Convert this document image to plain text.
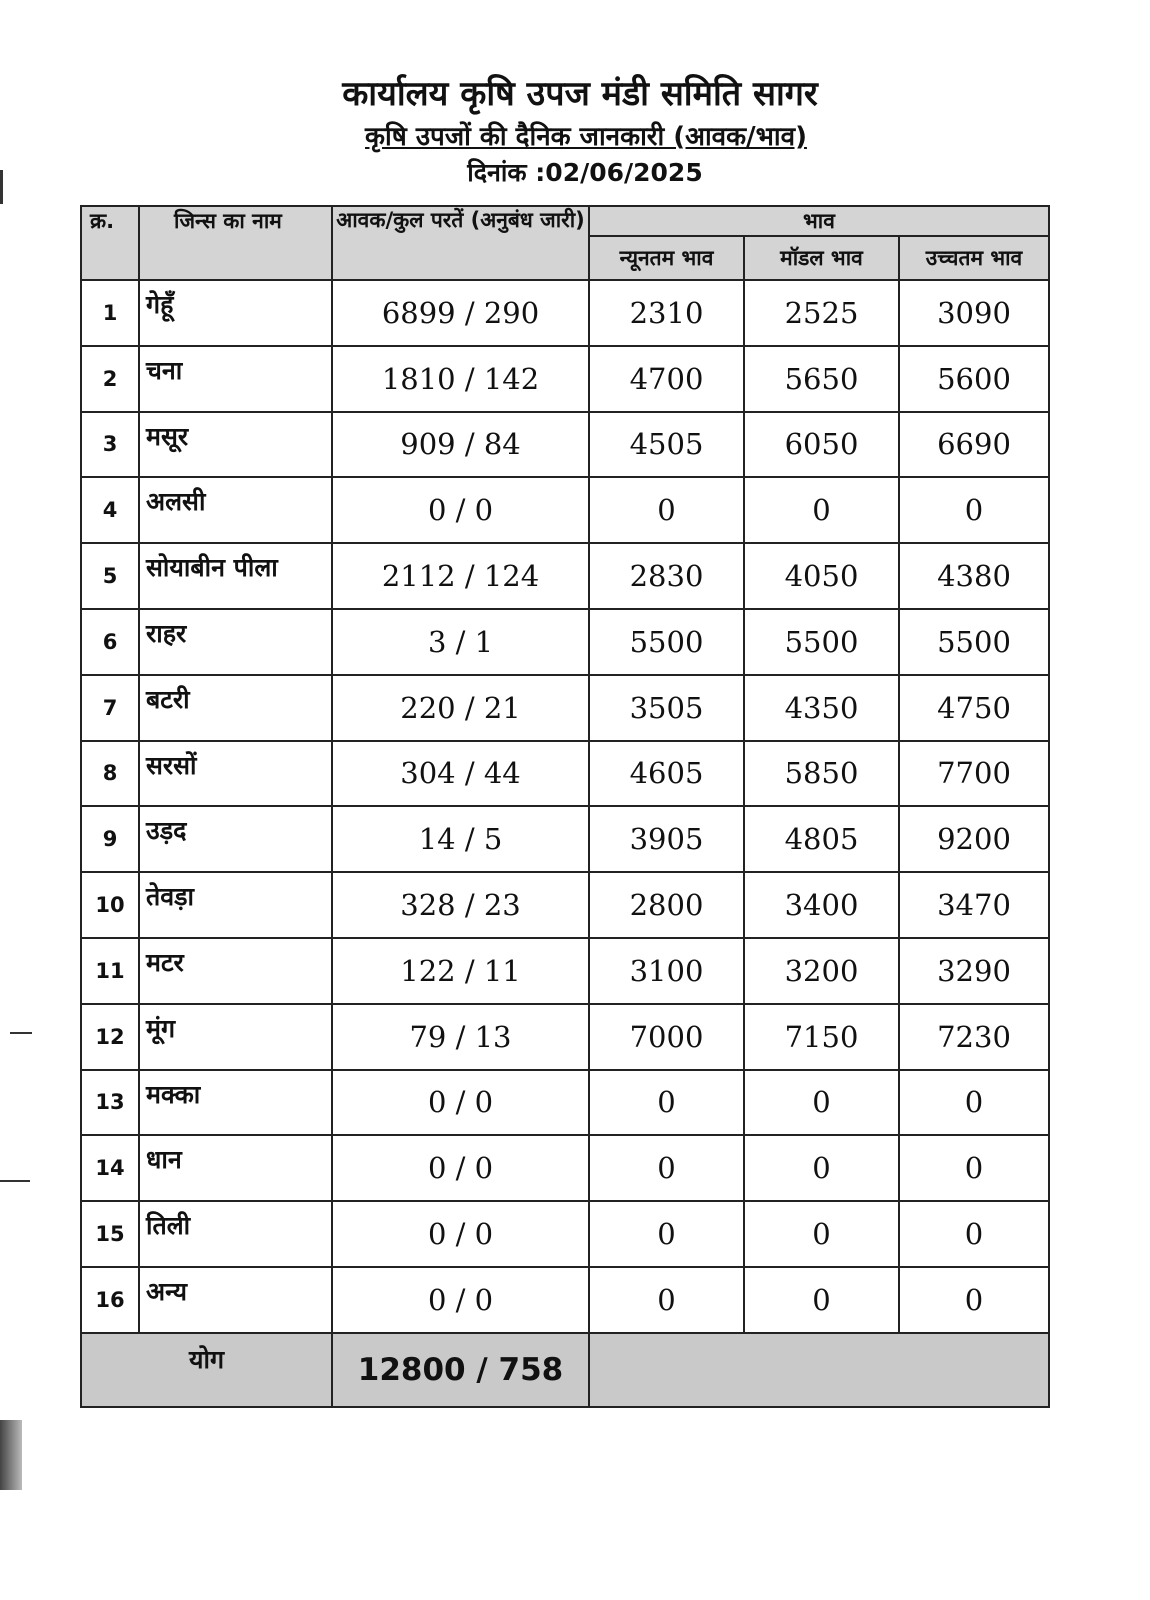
कार्यालय कृषि उपज मंडी समिति सागर
कृषि उपजों की दैनिक जानकारी (आवक/भाव)
दिनांक :02/06/2025
क्र.	जिन्स का नाम	आवक/कुल परतें (अनुबंध जारी)	भाव		
			न्यूनतम भाव	मॉडल भाव	उच्चतम भाव
1	गेहूँ	6899 / 290	2310	2525	3090
2	चना	1810 / 142	4700	5650	5600
3	मसूर	909 / 84	4505	6050	6690
4	अलसी	0 / 0	0	0	0
5	सोयाबीन पीला	2112 / 124	2830	4050	4380
6	राहर	3 / 1	5500	5500	5500
7	बटरी	220 / 21	3505	4350	4750
8	सरसों	304 / 44	4605	5850	7700
9	उड़द	14 / 5	3905	4805	9200
10	तेवड़ा	328 / 23	2800	3400	3470
11	मटर	122 / 11	3100	3200	3290
12	मूंग	79 / 13	7000	7150	7230
13	मक्का	0 / 0	0	0	0
14	धान	0 / 0	0	0	0
15	तिली	0 / 0	0	0	0
16	अन्य	0 / 0	0	0	0
योग		12800 / 758			
